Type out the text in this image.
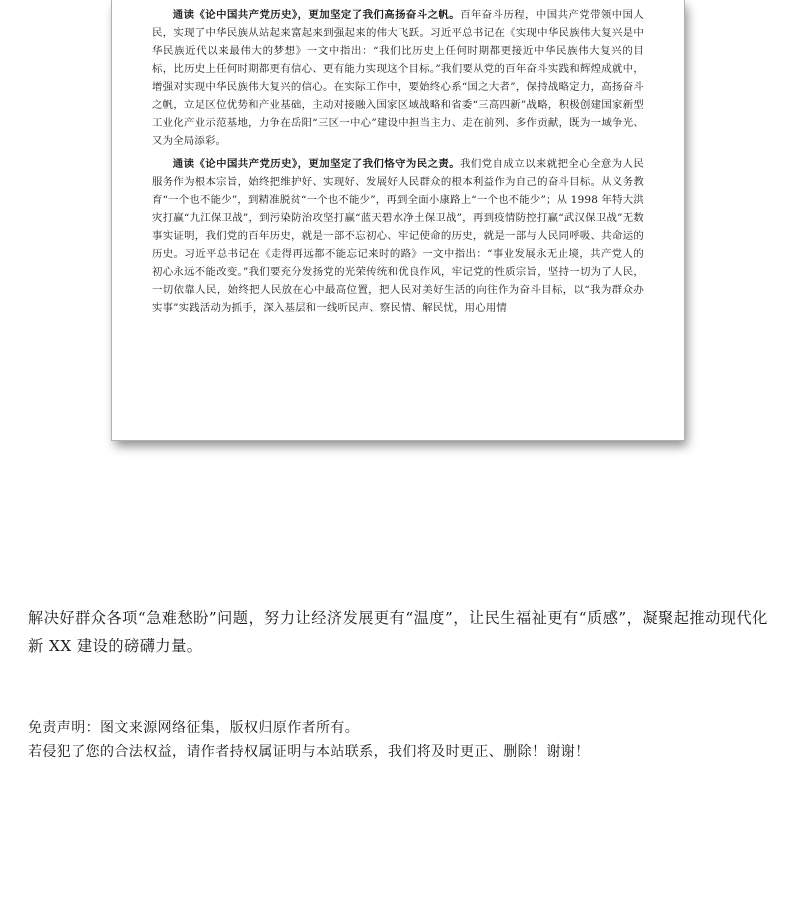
通读《论中国共产党历史》，更加坚定了我们高扬奋斗之帆。百年奋斗历程，中国共产党带领中国人民，实现了中华民族从站起来富起来到强起来的伟大飞跃。习近平总书记在《实现中华民族伟大复兴是中华民族近代以来最伟大的梦想》一文中指出：“我们比历史上任何时期都更接近中华民族伟大复兴的目标，比历史上任何时期都更有信心、更有能力实现这个目标。”我们要从党的百年奋斗实践和辉煌成就中，增强对实现中华民族伟大复兴的信心。在实际工作中，要始终心系“国之大者”，保持战略定力，高扬奋斗之帆，立足区位优势和产业基础，主动对接融入国家区域战略和省委“三高四新”战略，积极创建国家新型工业化产业示范基地，力争在岳阳“三区一中心”建设中担当主力、走在前列、多作贡献，既为一域争光、又为全局添彩。

通读《论中国共产党历史》，更加坚定了我们恪守为民之责。我们党自成立以来就把全心全意为人民服务作为根本宗旨，始终把维护好、实现好、发展好人民群众的根本利益作为自己的奋斗目标。从义务教育“一个也不能少”，到精准脱贫“一个也不能少”，再到全面小康路上“一个也不能少”；从 1998 年特大洪灾打赢“九江保卫战”，到污染防治攻坚打赢“蓝天碧水净土保卫战”，再到疫情防控打赢“武汉保卫战”无数事实证明，我们党的百年历史，就是一部不忘初心、牢记使命的历史，就是一部与人民同呼吸、共命运的历史。习近平总书记在《走得再远都不能忘记来时的路》一文中指出：“事业发展永无止境，共产党人的初心永远不能改变。”我们要充分发扬党的光荣传统和优良作风，牢记党的性质宗旨，坚持一切为了人民，一切依靠人民，始终把人民放在心中最高位置，把人民对美好生活的向往作为奋斗目标，以“我为群众办实事”实践活动为抓手，深入基层和一线听民声、察民情、解民忧，用心用情

解决好群众各项“急难愁盼”问题，努力让经济发展更有“温度”，让民生福祉更有“质感”，凝聚起推动现代化新 XX 建设的磅礴力量。

免责声明：图文来源网络征集，版权归原作者所有。

若侵犯了您的合法权益，请作者持权属证明与本站联系，我们将及时更正、删除！谢谢！
